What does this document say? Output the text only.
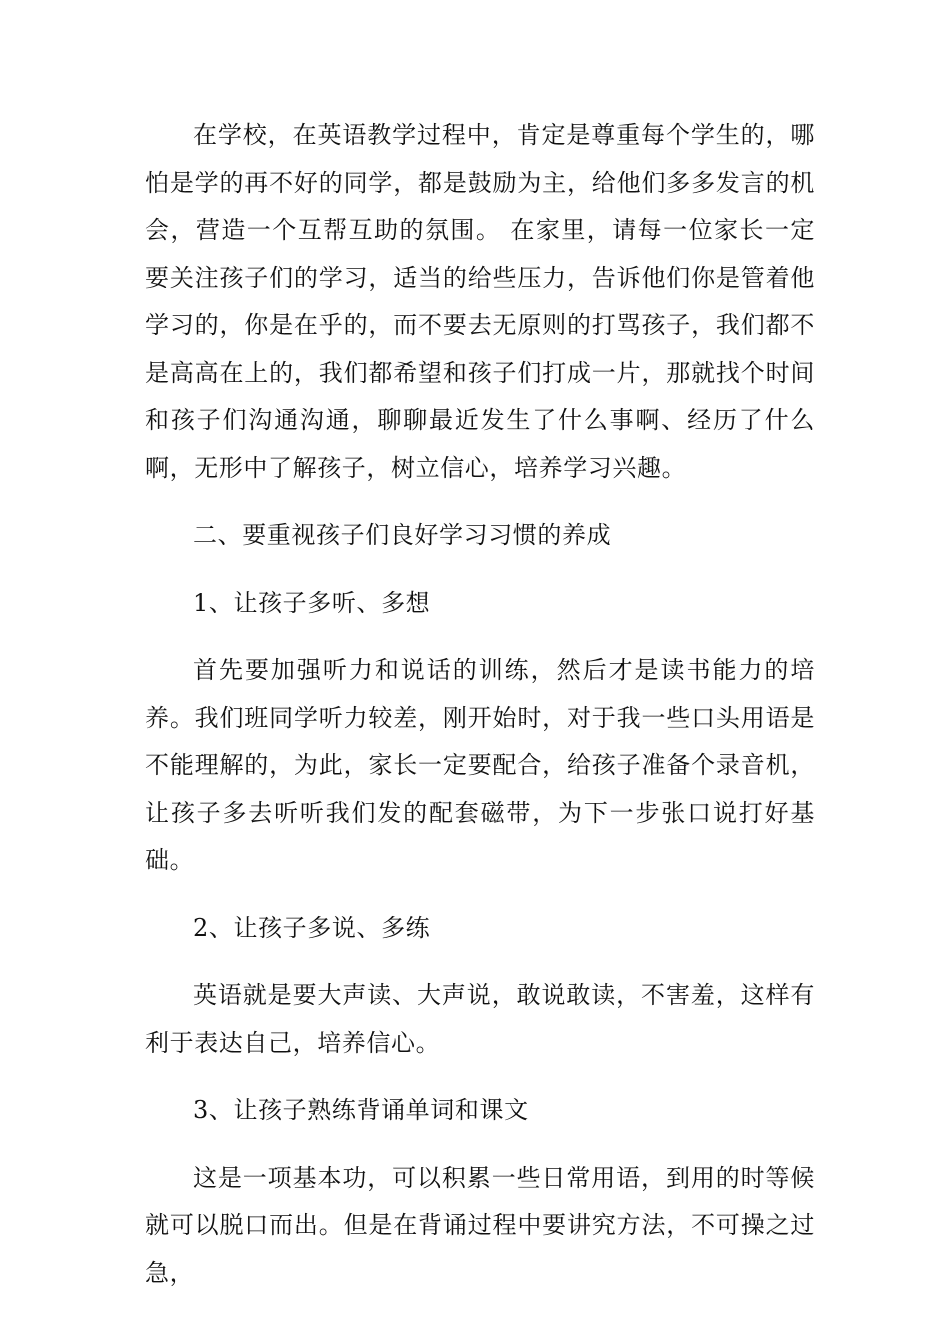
在学校，在英语教学过程中，肯定是尊重每个学生的，哪怕是学的再不好的同学，都是鼓励为主，给他们多多发言的机会，营造一个互帮互助的氛围。 在家里，请每一位家长一定要关注孩子们的学习，适当的给些压力，告诉他们你是管着他学习的，你是在乎的，而不要去无原则的打骂孩子，我们都不是高高在上的，我们都希望和孩子们打成一片，那就找个时间和孩子们沟通沟通，聊聊最近发生了什么事啊、经历了什么啊，无形中了解孩子，树立信心，培养学习兴趣。

二、要重视孩子们良好学习习惯的养成

1、让孩子多听、多想

首先要加强听力和说话的训练，然后才是读书能力的培养。我们班同学听力较差，刚开始时，对于我一些口头用语是不能理解的，为此，家长一定要配合，给孩子准备个录音机，让孩子多去听听我们发的配套磁带，为下一步张口说打好基础。

2、让孩子多说、多练

英语就是要大声读、大声说，敢说敢读，不害羞，这样有利于表达自己，培养信心。

3、让孩子熟练背诵单词和课文

这是一项基本功，可以积累一些日常用语，到用的时等候就可以脱口而出。但是在背诵过程中要讲究方法，不可操之过急，
